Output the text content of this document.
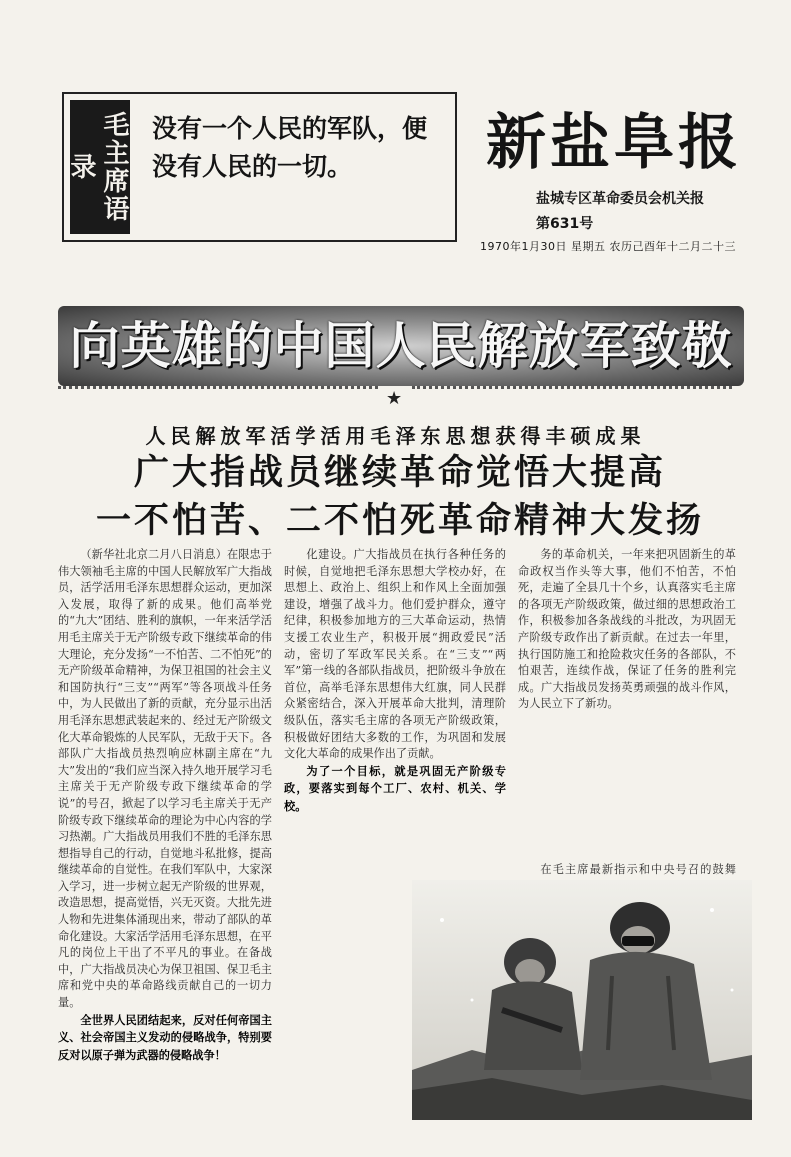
毛主席语录
没有一个人民的军队，便没有人民的一切。	新盐阜报
盐城专区革命委员会机关报
第631号
1970年1月30日 星期五 农历己酉年十二月二十三
向英雄的中国人民解放军致敬
★
人民解放军活学活用毛泽东思想获得丰硕成果
广大指战员继续革命觉悟大提高
一不怕苦、二不怕死革命精神大发扬

（新华社北京二月八日消息）在限忠于伟大领袖毛主席的中国人民解放军广大指战员，活学活用毛泽东思想群众运动，更加深入发展，取得了新的成果。他们高举党的“九大”团结、胜利的旗帜，一年来活学活用毛主席关于无产阶级专政下继续革命的伟大理论，充分发扬“一不怕苦、二不怕死”的无产阶级革命精神，为保卫祖国的社会主义和国防执行“三支”“两军”等各项战斗任务中，为人民做出了新的贡献，充分显示出活用毛泽东思想武装起来的、经过无产阶级文化大革命锻炼的人民军队，无敌于天下。各部队广大指战员热烈响应林副主席在“九大”发出的“我们应当深入持久地开展学习毛主席关于无产阶级专政下继续革命的学说”的号召，掀起了以学习毛主席关于无产阶级专政下继续革命的理论为中心内容的学习热潮。广大指战员用我们不胜的毛泽东思想指导自己的行动，自觉地斗私批修，提高继续革命的自觉性。在我们军队中，大家深入学习，进一步树立起无产阶级的世界观，改造思想，提高觉悟，兴无灭资。大批先进人物和先进集体涌现出来，带动了部队的革命化建设。大家活学活用毛泽东思想，在平凡的岗位上干出了不平凡的事业。在备战中，广大指战员决心为保卫祖国、保卫毛主席和党中央的革命路线贡献自己的一切力量。

全世界人民团结起来，反对任何帝国主义、社会帝国主义发动的侵略战争，特别要反对以原子弹为武器的侵略战争！

化建设。广大指战员在执行各种任务的时候，自觉地把毛泽东思想大学校办好，在思想上、政治上、组织上和作风上全面加强建设，增强了战斗力。他们爱护群众，遵守纪律，积极参加地方的三大革命运动，热情支援工农业生产，积极开展“拥政爱民”活动，密切了军政军民关系。在“三支”“两军”第一线的各部队指战员，把阶级斗争放在首位，高举毛泽东思想伟大红旗，同人民群众紧密结合，深入开展革命大批判，清理阶级队伍，落实毛主席的各项无产阶级政策，积极做好团结大多数的工作，为巩固和发展文化大革命的成果作出了贡献。

为了一个目标，就是巩固无产阶级专政，要落实到每个工厂、农村、机关、学校。

务的革命机关，一年来把巩固新生的革命政权当作头等大事，他们不怕苦，不怕死，走遍了全县几十个乡，认真落实毛主席的各项无产阶级政策，做过细的思想政治工作，积极参加各条战线的斗批改，为巩固无产阶级专政作出了新贡献。在过去一年里，执行国防施工和抢险救灾任务的各部队，不怕艰苦，连续作战，保证了任务的胜利完成。广大指战员发扬英勇顽强的战斗作风，为人民立下了新功。

在毛主席最新指示和中央号召的鼓舞
